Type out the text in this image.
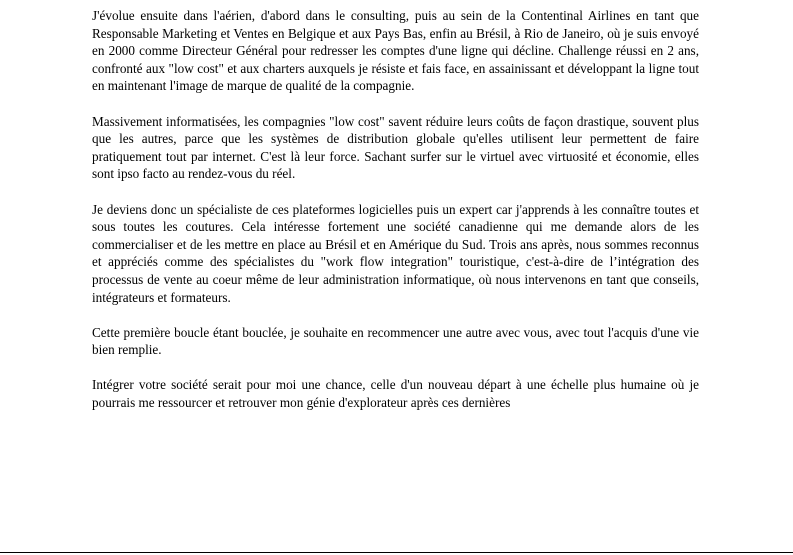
J'évolue ensuite dans l'aérien, d'abord dans le consulting, puis au sein de la Contentinal Airlines en tant que Responsable Marketing et Ventes en Belgique et aux Pays Bas, enfin au Brésil, à Rio de Janeiro, où je suis envoyé en 2000 comme Directeur Général pour redresser les comptes d'une ligne qui décline. Challenge réussi en 2 ans, confronté aux "low cost" et aux charters auxquels je résiste et fais face, en assainissant et développant la ligne tout en maintenant l'image de marque de qualité de la compagnie.

Massivement informatisées, les compagnies "low cost" savent réduire leurs coûts de façon drastique, souvent plus que les autres, parce que les systèmes de distribution globale qu'elles utilisent leur permettent de faire pratiquement tout par internet. C'est là leur force. Sachant surfer sur le virtuel avec virtuosité et économie, elles sont ipso facto au rendez-vous du réel.

Je deviens donc un spécialiste de ces plateformes logicielles puis un expert car j'apprends à les connaître toutes et sous toutes les coutures. Cela intéresse fortement une société canadienne qui me demande alors de les commercialiser et de les mettre en place au Brésil et en Amérique du Sud. Trois ans après, nous sommes reconnus et appréciés comme des spécialistes du "work flow integration" touristique, c'est-à-dire de l’intégration des processus de vente au coeur même de leur administration informatique, où nous intervenons en tant que conseils, intégrateurs et formateurs.

Cette première boucle étant bouclée, je souhaite en recommencer une autre avec vous, avec tout l'acquis d'une vie bien remplie.

Intégrer votre société serait pour moi une chance, celle d'un nouveau départ à une échelle plus humaine où je pourrais me ressourcer et retrouver mon génie d'explorateur après ces dernières
